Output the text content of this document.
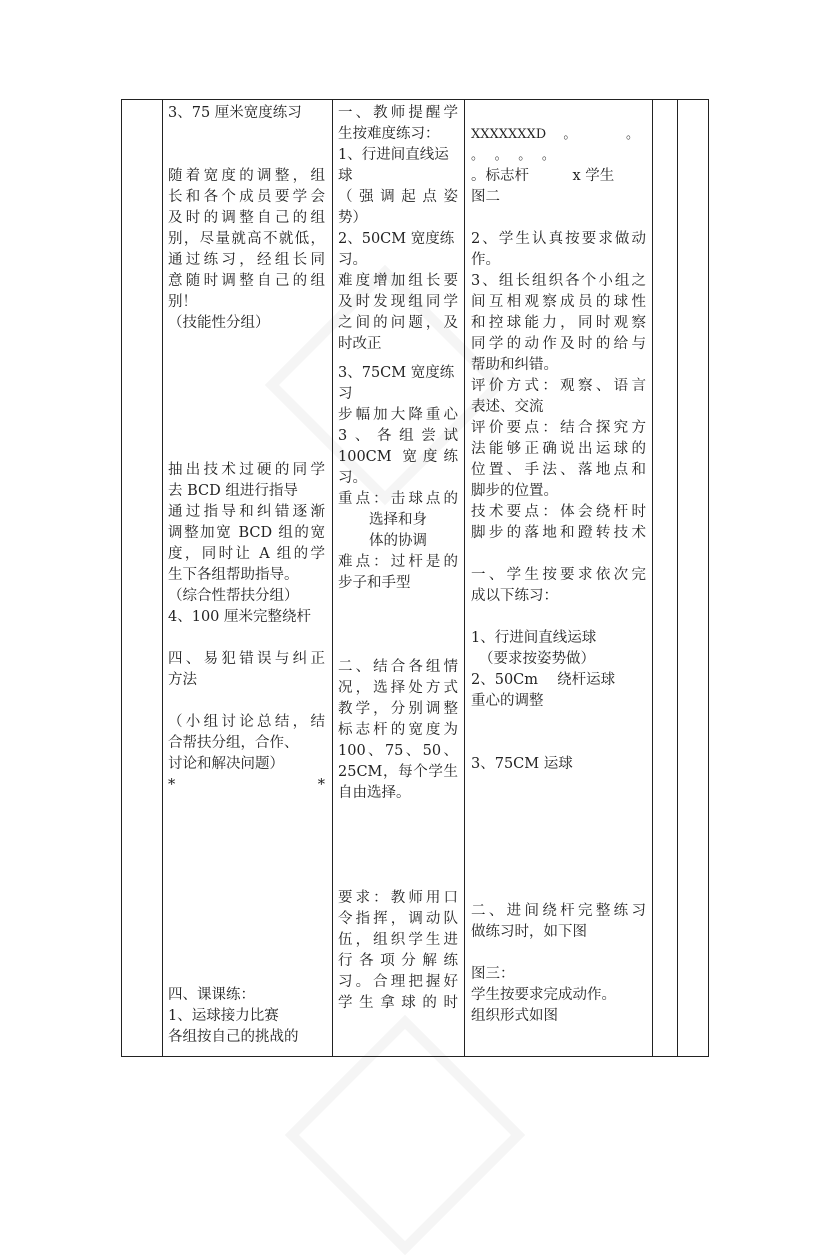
3、75 厘米宽度练习

随着宽度的调整，组

长和各个成员要学会

及时的调整自己的组

别，尽量就高不就低，

通过练习，经组长同

意随时调整自己的组

别！

（技能性分组）

抽出技术过硬的同学

去 BCD 组进行指导

通过指导和纠错逐渐

调整加宽 BCD 组的宽

度，同时让 A 组的学

生下各组帮助指导。

（综合性帮扶分组）

4、100 厘米完整绕杆

四、易犯错误与纠正

方法

（小组讨论总结，结

合帮扶分组，合作、

讨论和解决问题）

*	*

四、课课练：

1、运球接力比赛

各组按自己的挑战的

一、教师提醒学

生按难度练习：

1、行进间直线运

球

（强调起点姿

势）

2、50CM 宽度练

习。

难度增加组长要

及时发现组同学

之间的问题，及

时改正

3、75CM 宽度练

习

步幅加大降重心

3、各组尝试

100CM 宽度练

习。

重点：击球点的

选择和身

体的协调

难点：过杆是的

步子和手型

二、结合各组情

况，选择处方式

教学，分别调整

标志杆的宽度为

100、75、50、

25CM，每个学生

自由选择。

要求：教师用口

令指挥，调动队

伍，组织学生进

行各项分解练

习。合理把握好

学生拿球的时

XXXXXXXD　 。　　　　 。

。　 。　 。　 。

。标志杆　　　x 学生

图二

2、学生认真按要求做动

作。

3、组长组织各个小组之

间互相观察成员的球性

和控球能力，同时观察

同学的动作及时的给与

帮助和纠错。

评价方式：观察、语言

表述、交流

评价要点：结合探究方

法能够正确说出运球的

位置、手法、落地点和

脚步的位置。

技术要点：体会绕杆时

脚步的落地和蹬转技术

一、学生按要求依次完

成以下练习：

1、行进间直线运球

（要求按姿势做）

2、50Cm　 绕杆运球

重心的调整

3、75CM 运球

二、进间绕杆完整练习

做练习时，如下图

图三：

学生按要求完成动作。

组织形式如图
